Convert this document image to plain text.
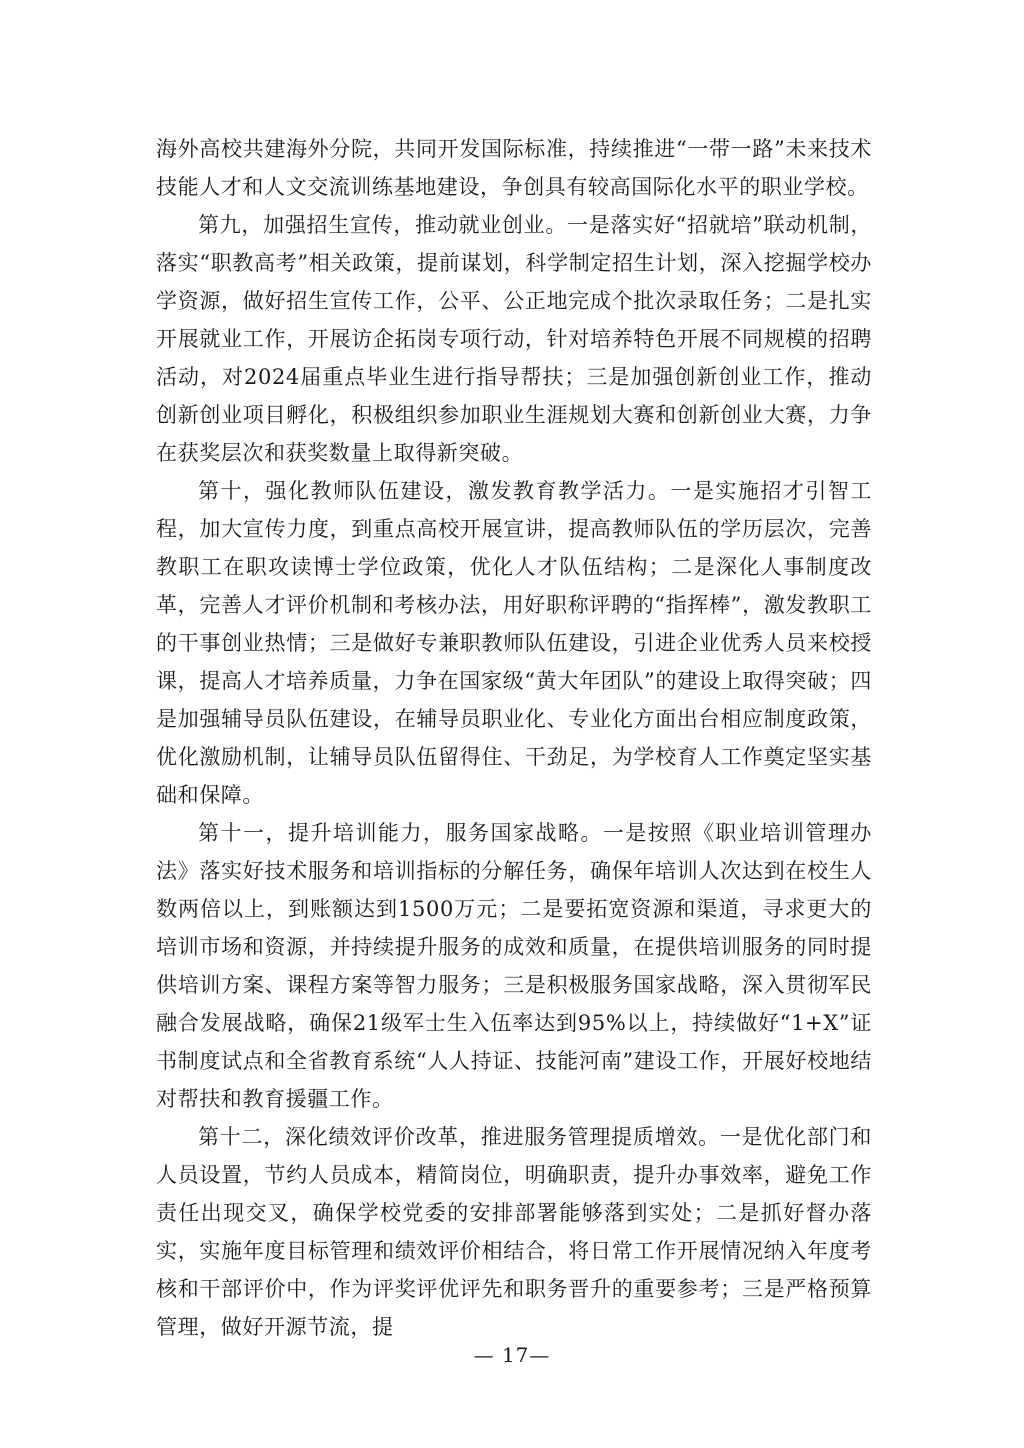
海外高校共建海外分院，共同开发国际标准，持续推进“一带一路”未来技术技能人才和人文交流训练基地建设，争创具有较高国际化水平的职业学校。

第九，加强招生宣传，推动就业创业。一是落实好“招就培”联动机制，落实“职教高考”相关政策，提前谋划，科学制定招生计划，深入挖掘学校办学资源，做好招生宣传工作，公平、公正地完成个批次录取任务；二是扎实开展就业工作，开展访企拓岗专项行动，针对培养特色开展不同规模的招聘活动，对2024届重点毕业生进行指导帮扶；三是加强创新创业工作，推动创新创业项目孵化，积极组织参加职业生涯规划大赛和创新创业大赛，力争在获奖层次和获奖数量上取得新突破。

第十，强化教师队伍建设，激发教育教学活力。一是实施招才引智工程，加大宣传力度，到重点高校开展宣讲，提高教师队伍的学历层次，完善教职工在职攻读博士学位政策，优化人才队伍结构；二是深化人事制度改革，完善人才评价机制和考核办法，用好职称评聘的“指挥棒”，激发教职工的干事创业热情；三是做好专兼职教师队伍建设，引进企业优秀人员来校授课，提高人才培养质量，力争在国家级“黄大年团队”的建设上取得突破；四是加强辅导员队伍建设，在辅导员职业化、专业化方面出台相应制度政策，优化激励机制，让辅导员队伍留得住、干劲足，为学校育人工作奠定坚实基础和保障。

第十一，提升培训能力，服务国家战略。一是按照《职业培训管理办法》落实好技术服务和培训指标的分解任务，确保年培训人次达到在校生人数两倍以上，到账额达到1500万元；二是要拓宽资源和渠道，寻求更大的培训市场和资源，并持续提升服务的成效和质量，在提供培训服务的同时提供培训方案、课程方案等智力服务；三是积极服务国家战略，深入贯彻军民融合发展战略，确保21级军士生入伍率达到95%以上，持续做好“1+X”证书制度试点和全省教育系统“人人持证、技能河南”建设工作，开展好校地结对帮扶和教育援疆工作。

第十二，深化绩效评价改革，推进服务管理提质增效。一是优化部门和人员设置，节约人员成本，精简岗位，明确职责，提升办事效率，避免工作责任出现交叉，确保学校党委的安排部署能够落到实处；二是抓好督办落实，实施年度目标管理和绩效评价相结合，将日常工作开展情况纳入年度考核和干部评价中，作为评奖评优评先和职务晋升的重要参考；三是严格预算管理，做好开源节流，提

— 17—
